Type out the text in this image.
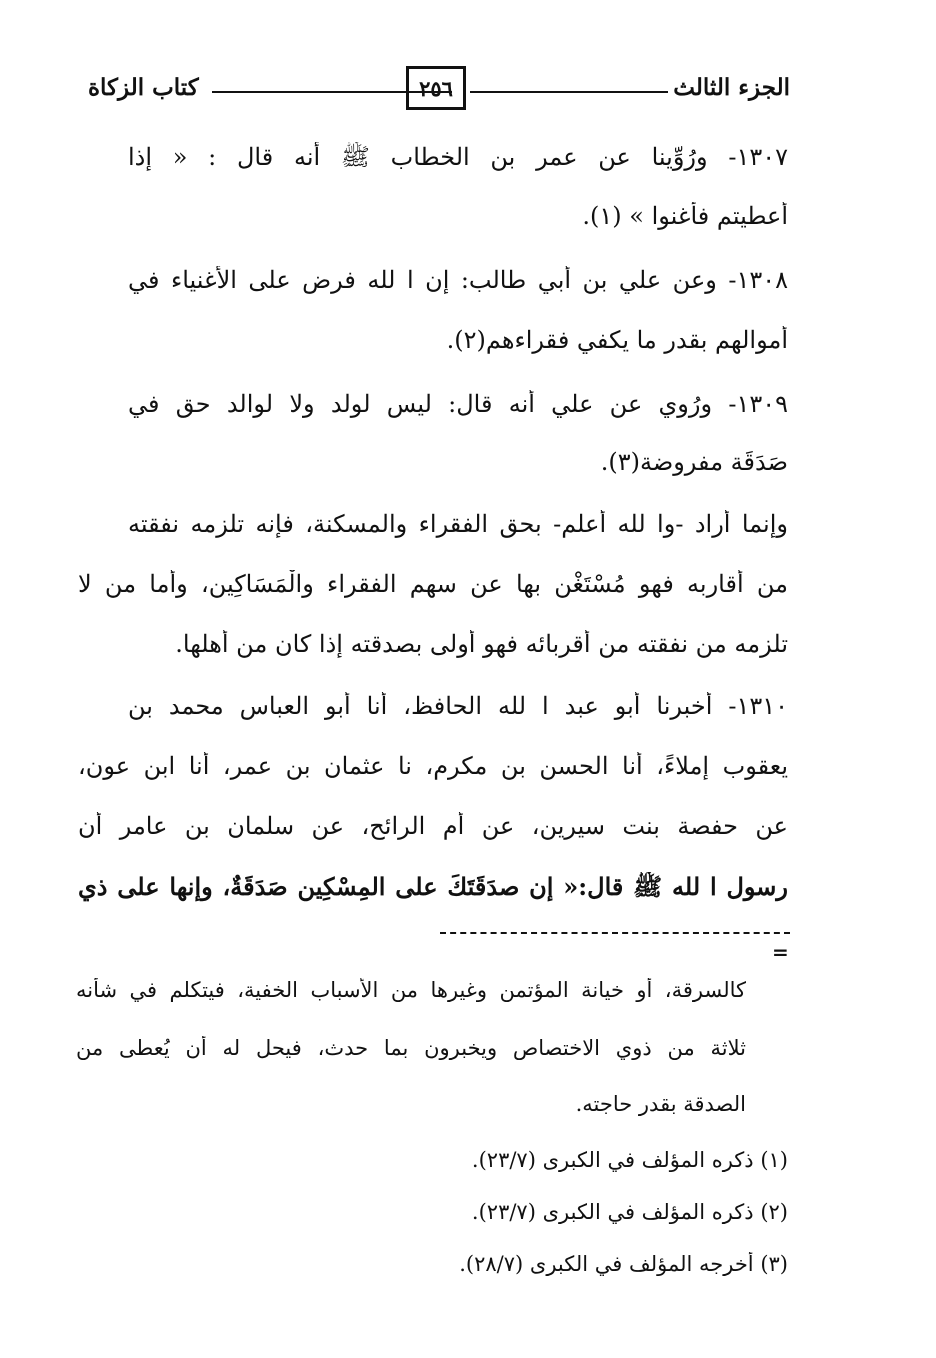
الجزء الثالث
٢٥٦
كتاب الزكاة
١٣٠٧- ورُوِّينا عن عمر بن الخطاب ﷺ أنه قال : « إذا
أعطيتم فأغنوا » (١).
١٣٠٨- وعن علي بن أبي طالب: إن ا لله فرض على الأغنياء في
أموالهم بقدر ما يكفي فقراءهم(٢).
١٣٠٩- ورُوِي عن علي أنه قال: ليس لولد ولا لوالد حق في
صَدَقَة مفروضة(٣).
وإنما أراد -وا لله أعلم- بحق الفقراء والمسكنة، فإنه تلزمه نفقته
من أقاربه فهو مُسْتَغْنٍ بها عن سهم الفقراء والْمَسَاكِين، وأما من لا
تلزمه من نفقته من أقربائه فهو أولى بصدقته إذا كان من أهلها.
١٣١٠- أخبرنا أبو عبد ا لله الحافظ، أنا أبو العباس محمد بن
يعقوب إملاءً، أنا الحسن بن مكرم، نا عثمان بن عمر، أنا ابن عون،
عن حفصة بنت سيرين، عن أم الرائح، عن سلمان بن عامر أن
رسول ا لله ﷺ قال:« إن صدَقَتَكَ على المِسْكِين صَدَقَةٌ، وإنها على ذي
=
كالسرقة، أو خيانة المؤتمن وغيرها من الأسباب الخفية، فيتكلم في شأنه
ثلاثة من ذوي الاختصاص ويخبرون بما حدث، فيحل له أن يُعطى من
الصدقة بقدر حاجته.
(١) ذكره المؤلف في الكبرى (٢٣/٧).
(٢) ذكره المؤلف في الكبرى (٢٣/٧).
(٣) أخرجه المؤلف في الكبرى (٢٨/٧).
